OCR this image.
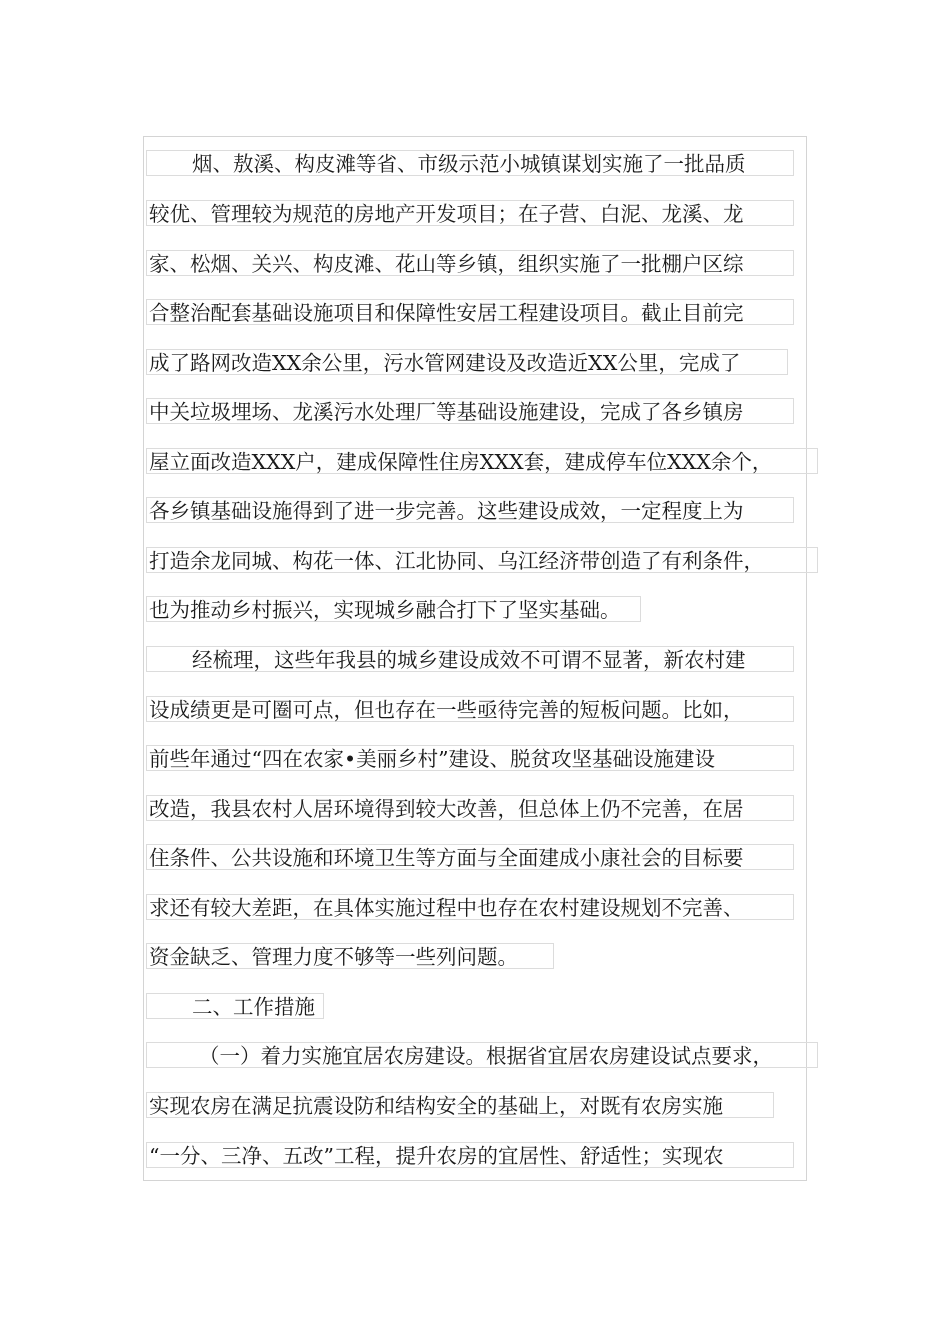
烟、敖溪、构皮滩等省、市级示范小城镇谋划实施了一批品质
较优、管理较为规范的房地产开发项目；在子营、白泥、龙溪、龙
家、松烟、关兴、构皮滩、花山等乡镇，组织实施了一批棚户区综
合整治配套基础设施项目和保障性安居工程建设项目。截止目前完
成了路网改造XX余公里，污水管网建设及改造近XX公里，完成了
中关垃圾埋场、龙溪污水处理厂等基础设施建设，完成了各乡镇房
屋立面改造XXX户，建成保障性住房XXX套，建成停车位XXX余个，
各乡镇基础设施得到了进一步完善。这些建设成效，一定程度上为
打造余龙同城、构花一体、江北协同、乌江经济带创造了有利条件，
也为推动乡村振兴，实现城乡融合打下了坚实基础。
经梳理，这些年我县的城乡建设成效不可谓不显著，新农村建
设成绩更是可圈可点，但也存在一些亟待完善的短板问题。比如，
前些年通过“四在农家•美丽乡村”建设、脱贫攻坚基础设施建设
改造，我县农村人居环境得到较大改善，但总体上仍不完善，在居
住条件、公共设施和环境卫生等方面与全面建成小康社会的目标要
求还有较大差距，在具体实施过程中也存在农村建设规划不完善、
资金缺乏、管理力度不够等一些列问题。
二、工作措施
（一）着力实施宜居农房建设。根据省宜居农房建设试点要求，
实现农房在满足抗震设防和结构安全的基础上，对既有农房实施
“一分、三净、五改”工程，提升农房的宜居性、舒适性；实现农
